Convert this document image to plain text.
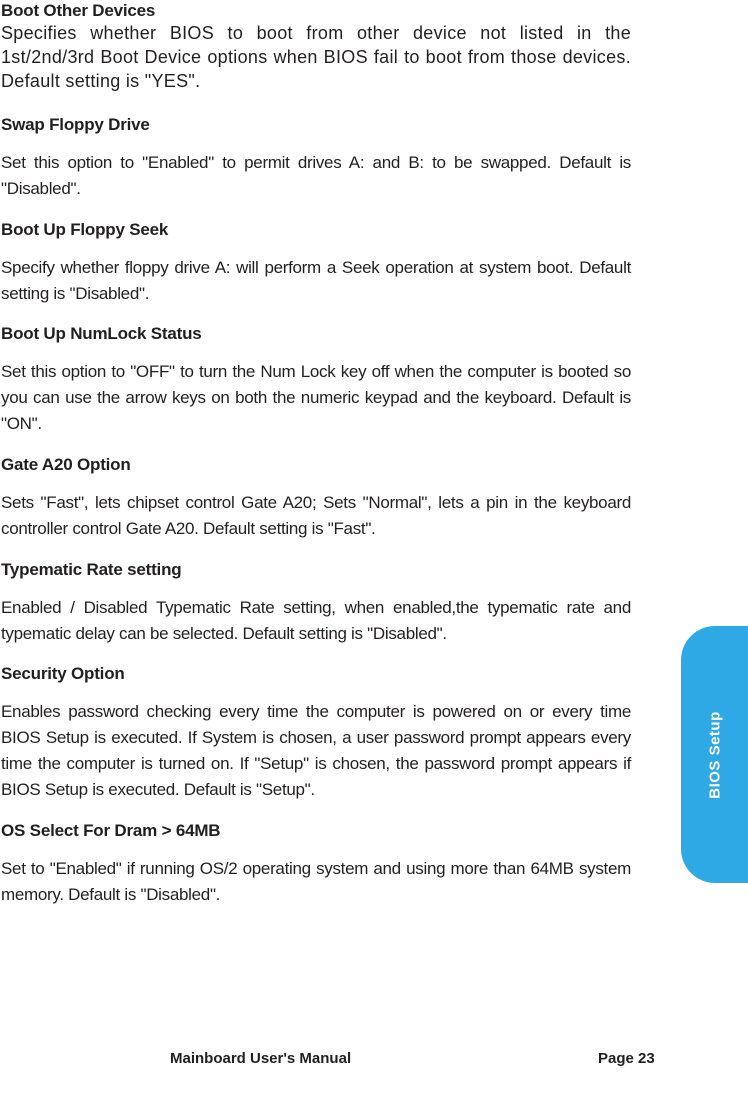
Boot Other Devices

Specifies whether BIOS to boot from other device not listed in the 1st/2nd/3rd Boot Device options when BIOS fail to boot from those devices. Default setting is "YES".

Swap Floppy Drive

Set this option to "Enabled" to permit drives A: and B: to be swapped. Default is "Disabled".

Boot Up Floppy Seek

Specify whether floppy drive A: will perform a Seek operation at system boot. Default setting is "Disabled".

Boot Up NumLock Status

Set this option to "OFF" to turn the Num Lock key off when the computer is booted so you can use the arrow keys on both the numeric keypad and the keyboard. Default is "ON".

Gate A20 Option

Sets "Fast", lets chipset control Gate A20; Sets "Normal", lets a pin in the keyboard controller control Gate A20. Default setting is "Fast".

Typematic Rate setting

Enabled / Disabled Typematic Rate setting, when enabled,the typematic rate and typematic delay can be selected. Default setting is "Disabled".

Security Option

Enables password checking every time the computer is powered on or every time BIOS Setup is executed. If System is chosen, a user password prompt appears every time the computer is turned on. If "Setup" is chosen, the password prompt appears if BIOS Setup is executed. Default is "Setup".

OS Select For Dram > 64MB

Set to "Enabled" if running OS/2 operating system and using more than 64MB system memory. Default is "Disabled".

BIOS Setup
Mainboard User's Manual	Page 23
